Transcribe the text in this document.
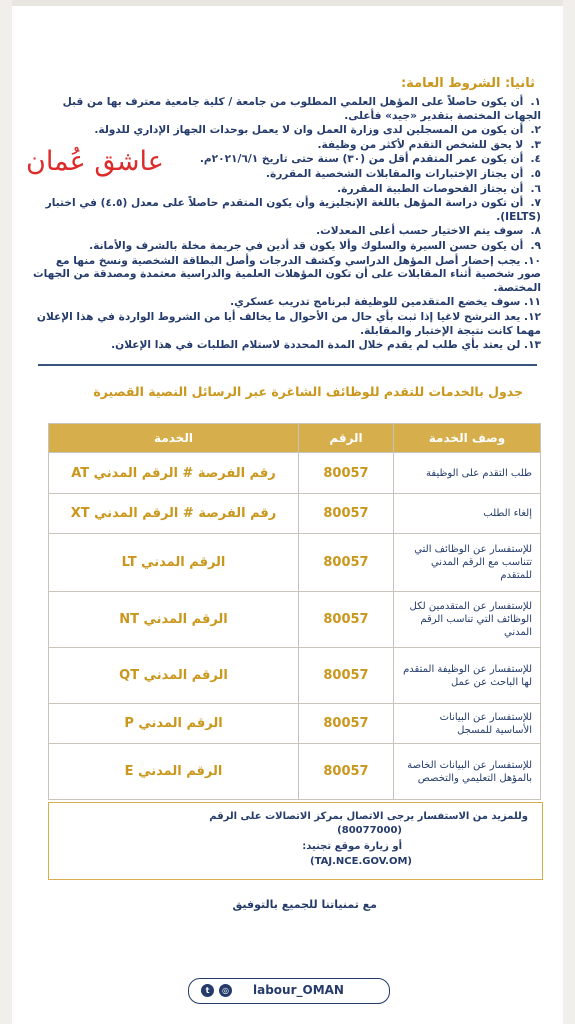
ثانيا: الشروط العامة:
١. أن يكون حاصلاً على المؤهل العلمي المطلوب من جامعة / كلية جامعية معترف بها من قبل الجهات المختصة بتقدير «جيد» فأعلى.
٢. أن يكون من المسجلين لدى وزارة العمل وان لا يعمل بوحدات الجهاز الإداري للدولة.
٣. لا يحق للشخص التقدم لأكثر من وظيفة.
٤. أن يكون عمر المتقدم أقل من (٣٠) سنة حتى تاريخ ٢٠٢١/٦/١م.
٥. أن يجتاز الإختبارات والمقابلات الشخصية المقررة.
٦. أن يجتاز الفحوصات الطبية المقررة.
٧. أن تكون دراسة المؤهل باللغة الإنجليزية وأن يكون المتقدم حاصلاً على معدل (٤.٥) في اختبار (IELTS).
٨. سوف يتم الاختيار حسب أعلى المعدلات.
٩. أن يكون حسن السيرة والسلوك وألا يكون قد أدين في جريمة مخلة بالشرف والأمانة.
١٠. يجب إحضار أصل المؤهل الدراسي وكشف الدرجات وأصل البطاقة الشخصية ونسخ منها مع صور شخصية أثناء المقابلات على أن تكون المؤهلات العلمية والدراسية معتمدة ومصدقة من الجهات المختصة.
١١. سوف يخضع المتقدمين للوظيفة لبرنامج تدريب عسكري.
١٢. يعد الترشح لاغيا إذا ثبت بأي حال من الأحوال ما يخالف أيا من الشروط الواردة في هذا الإعلان مهما كانت نتيجة الإختبار والمقابلة.
١٣. لن يعتد بأي طلب لم يقدم خلال المدة المحددة لاستلام الطلبات في هذا الإعلان.
عاشق عُمان
جدول بالخدمات للتقدم للوظائف الشاغرة عبر الرسائل النصية القصيرة
وصف الخدمة	الرقم	الخدمة
طلب التقدم على الوظيفة	80057	رقم الفرصة # الرقم المدني AT
إلغاء الطلب	80057	رقم الفرصة # الرقم المدني XT
للإستفسار عن الوظائف التي تتناسب مع الرقم المدني للمتقدم	80057	الرقم المدني LT
للإستفسار عن المتقدمين لكل الوظائف التي تناسب الرقم المدني	80057	الرقم المدني NT
للإستفسار عن الوظيفة المتقدم لها الباحث عن عمل	80057	الرقم المدني QT
للإستفسار عن البيانات الأساسية للمسجل	80057	الرقم المدني P
للإستفسار عن البيانات الخاصة بالمؤهل التعليمي والتخصص	80057	الرقم المدني E
وللمزيد من الاستفسار يرجى الاتصال بمركز الاتصالات على الرقم
(80077000)
أو زيارة موقع تجنيد:
(TAJ.NCE.GOV.OM)
مع تمنياتنا للجميع بالتوفيق
t	◎ labour_OMAN
